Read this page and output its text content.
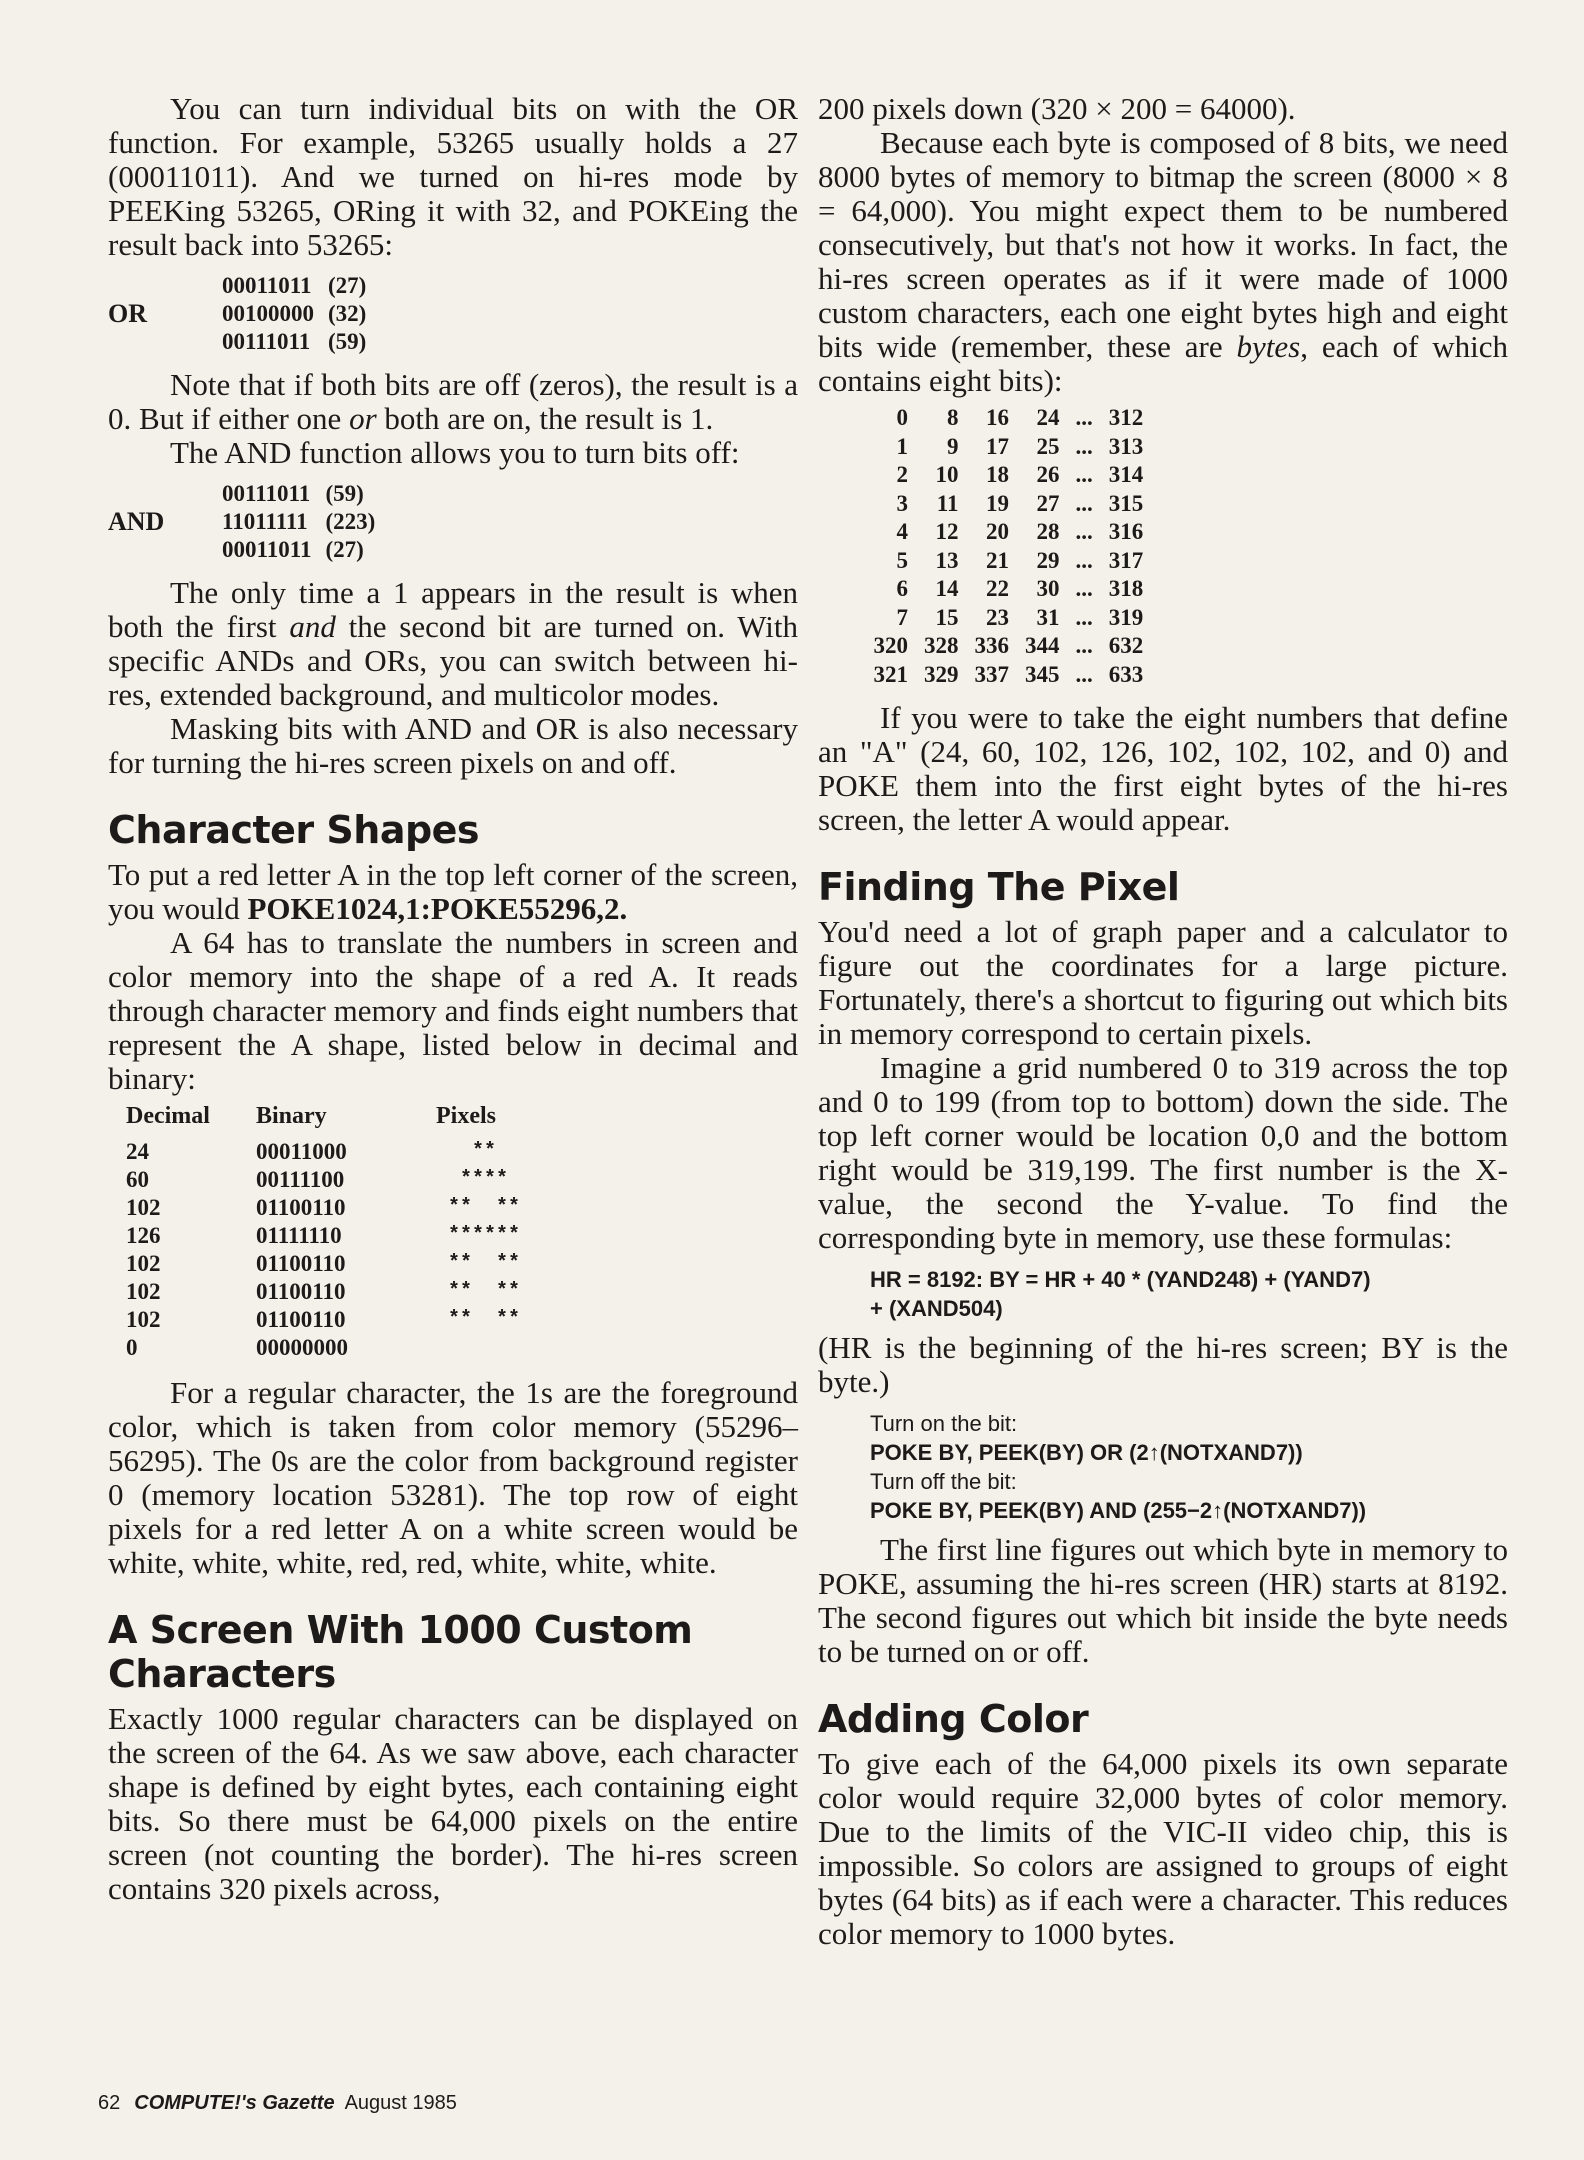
You can turn individual bits on with the OR function. For example, 53265 usually holds a 27 (00011011). And we turned on hi-res mode by PEEKing 53265, ORing it with 32, and POKEing the result back into 53265:

	00011011	(27)
OR	00100000	(32)
	00111011	(59)

Note that if both bits are off (zeros), the result is a 0. But if either one or both are on, the result is 1.

The AND function allows you to turn bits off:

	00111011	(59)
AND	11011111	(223)
	00011011	(27)

The only time a 1 appears in the result is when both the first and the second bit are turned on. With specific ANDs and ORs, you can switch between hi-res, extended background, and multicolor modes.

Masking bits with AND and OR is also necessary for turning the hi-res screen pixels on and off.

Character Shapes

To put a red letter A in the top left corner of the screen, you would POKE1024,1:POKE55296,2.

A 64 has to translate the numbers in screen and color memory into the shape of a red A. It reads through character memory and finds eight numbers that represent the A shape, listed below in decimal and binary:

Decimal	Binary	Pixels
24	00011000	**
60	00111100	****
102	01100110	**  **
126	01111110	******
102	01100110	**  **
102	01100110	**  **
102	01100110	**  **
0	00000000	

For a regular character, the 1s are the foreground color, which is taken from color memory (55296–56295). The 0s are the color from background register 0 (memory location 53281). The top row of eight pixels for a red letter A on a white screen would be white, white, white, red, red, white, white, white.

A Screen With 1000 Custom Characters

Exactly 1000 regular characters can be displayed on the screen of the 64. As we saw above, each character shape is defined by eight bytes, each containing eight bits. So there must be 64,000 pixels on the entire screen (not counting the border). The hi-res screen contains 320 pixels across,

200 pixels down (320 × 200 = 64000).

Because each byte is composed of 8 bits, we need 8000 bytes of memory to bitmap the screen (8000 × 8 = 64,000). You might expect them to be numbered consecutively, but that's not how it works. In fact, the hi-res screen operates as if it were made of 1000 custom characters, each one eight bytes high and eight bits wide (remember, these are bytes, each of which contains eight bits):

0	8	16	24	...	312
1	9	17	25	...	313
2	10	18	26	...	314
3	11	19	27	...	315
4	12	20	28	...	316
5	13	21	29	...	317
6	14	22	30	...	318
7	15	23	31	...	319
320	328	336	344	...	632
321	329	337	345	...	633

If you were to take the eight numbers that define an "A" (24, 60, 102, 126, 102, 102, 102, and 0) and POKE them into the first eight bytes of the hi-res screen, the letter A would appear.

Finding The Pixel

You'd need a lot of graph paper and a calculator to figure out the coordinates for a large picture. Fortunately, there's a shortcut to figuring out which bits in memory correspond to certain pixels.

Imagine a grid numbered 0 to 319 across the top and 0 to 199 (from top to bottom) down the side. The top left corner would be location 0,0 and the bottom right would be 319,199. The first number is the X-value, the second the Y-value. To find the corresponding byte in memory, use these formulas:

HR = 8192: BY = HR + 40 * (YAND248) + (YAND7)
+ (XAND504)

(HR is the beginning of the hi-res screen; BY is the byte.)

Turn on the bit:
POKE BY, PEEK(BY) OR (2↑(NOTXAND7))
Turn off the bit:
POKE BY, PEEK(BY) AND (255−2↑(NOTXAND7))

The first line figures out which byte in memory to POKE, assuming the hi-res screen (HR) starts at 8192. The second figures out which bit inside the byte needs to be turned on or off.

Adding Color

To give each of the 64,000 pixels its own separate color would require 32,000 bytes of color memory. Due to the limits of the VIC-II video chip, this is impossible. So colors are assigned to groups of eight bytes (64 bits) as if each were a character. This reduces color memory to 1000 bytes.

62 COMPUTE!'s Gazette August 1985
